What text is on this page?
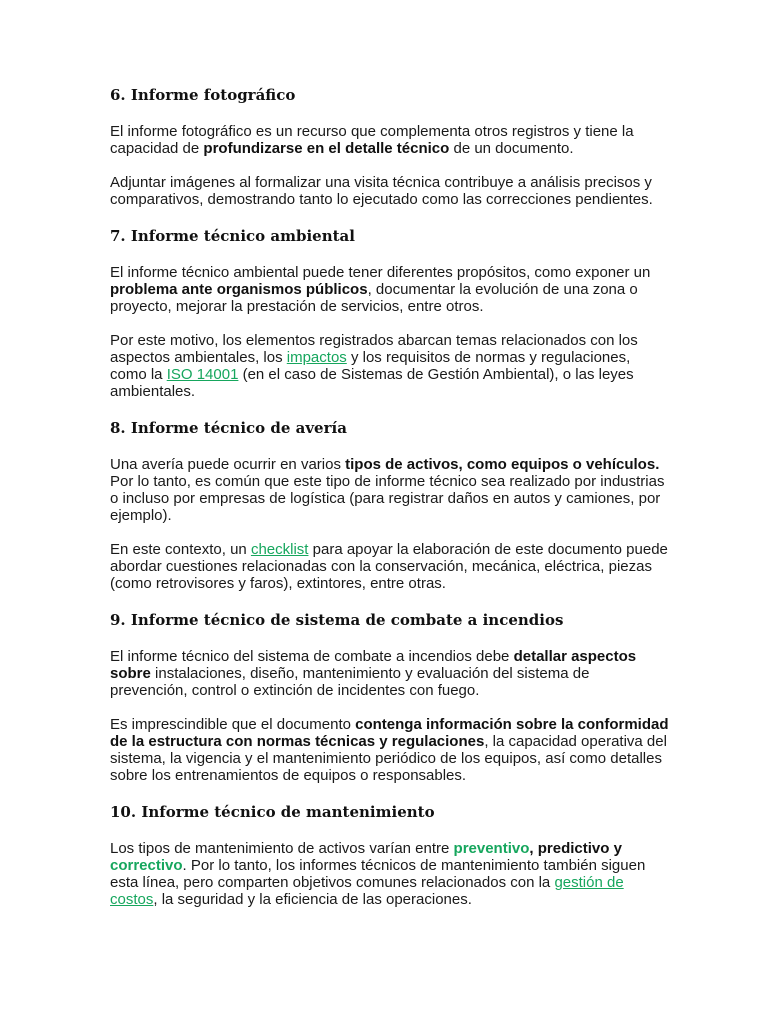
6. Informe fotográfico

El informe fotográfico es un recurso que complementa otros registros y tiene la capacidad de profundizarse en el detalle técnico de un documento.

Adjuntar imágenes al formalizar una visita técnica contribuye a análisis precisos y comparativos, demostrando tanto lo ejecutado como las correcciones pendientes.

7. Informe técnico ambiental

El informe técnico ambiental puede tener diferentes propósitos, como exponer un problema ante organismos públicos, documentar la evolución de una zona o proyecto, mejorar la prestación de servicios, entre otros.

Por este motivo, los elementos registrados abarcan temas relacionados con los aspectos ambientales, los impactos y los requisitos de normas y regulaciones, como la ISO 14001 (en el caso de Sistemas de Gestión Ambiental), o las leyes ambientales.

8. Informe técnico de avería

Una avería puede ocurrir en varios tipos de activos, como equipos o vehículos. Por lo tanto, es común que este tipo de informe técnico sea realizado por industrias o incluso por empresas de logística (para registrar daños en autos y camiones, por ejemplo).

En este contexto, un checklist para apoyar la elaboración de este documento puede abordar cuestiones relacionadas con la conservación, mecánica, eléctrica, piezas (como retrovisores y faros), extintores, entre otras.

9. Informe técnico de sistema de combate a incendios

El informe técnico del sistema de combate a incendios debe detallar aspectos sobre instalaciones, diseño, mantenimiento y evaluación del sistema de prevención, control o extinción de incidentes con fuego.

Es imprescindible que el documento contenga información sobre la conformidad de la estructura con normas técnicas y regulaciones, la capacidad operativa del sistema, la vigencia y el mantenimiento periódico de los equipos, así como detalles sobre los entrenamientos de equipos o responsables.

10. Informe técnico de mantenimiento

Los tipos de mantenimiento de activos varían entre preventivo, predictivo y correctivo. Por lo tanto, los informes técnicos de mantenimiento también siguen esta línea, pero comparten objetivos comunes relacionados con la gestión de costos, la seguridad y la eficiencia de las operaciones.
